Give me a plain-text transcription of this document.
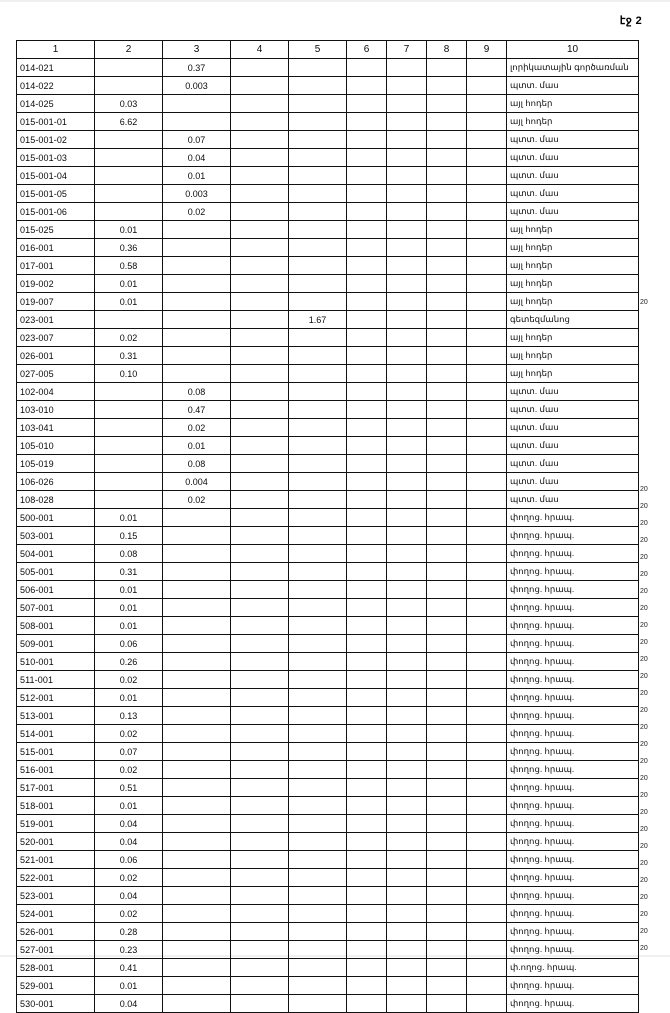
էջ 2
1	2	3	4	5	6	7	8	9	10
014-021		0.37							լորիկատային գործառման
014-022		0.003							պտտ. մաս
014-025	0.03								այլ հոդեր
015-001-01	6.62								այլ հոդեր
015-001-02		0.07							պտտ. մաս
015-001-03		0.04							պտտ. մաս
015-001-04		0.01							պտտ. մաս
015-001-05		0.003							պտտ. մաս
015-001-06		0.02							պտտ. մաս
015-025	0.01								այլ հոդեր
016-001	0.36								այլ հոդեր
017-001	0.58								այլ հոդեր
019-002	0.01								այլ հոդեր
019-007	0.01								այլ հոդեր
023-001				1.67					գետեզմանոց
023-007	0.02								այլ հոդեր
026-001	0.31								այլ հոդեր
027-005	0.10								այլ հոդեր
102-004		0.08							պտտ. մաս
103-010		0.47							պտտ. մաս
103-041		0.02							պտտ. մաս
105-010		0.01							պտտ. մաս
105-019		0.08							պտտ. մաս
106-026		0.004							պտտ. մաս
108-028		0.02							պտտ. մաս
500-001	0.01								փողոց. հրապ.
503-001	0.15								փողոց. հրապ.
504-001	0.08								փողոց. հրապ.
505-001	0.31								փողոց. հրապ.
506-001	0.01								փողոց. հրապ.
507-001	0.01								փողոց. հրապ.
508-001	0.01								փողոց. հրապ.
509-001	0.06								փողոց. հրապ.
510-001	0.26								փողոց. հրապ.
511-001	0.02								փողոց. հրապ.
512-001	0.01								փողոց. հրապ.
513-001	0.13								փողոց. հրապ.
514-001	0.02								փողոց. հրապ.
515-001	0.07								փողոց. հրապ.
516-001	0.02								փողոց. հրապ.
517-001	0.51								փողոց. հրապ.
518-001	0.01								փողոց. հրապ.
519-001	0.04								փողոց. հրապ.
520-001	0.04								փողոց. հրապ.
521-001	0.06								փողոց. հրապ.
522-001	0.02								փողոց. հրապ.
523-001	0.04								փողոց. հրապ.
524-001	0.02								փողոց. հրապ.
526-001	0.28								փողոց. հրապ.
527-001	0.23								փողոց. հրապ.
528-001	0.41								փ.ողոց. հրապ.
529-001	0.01								փողոց. հրապ.
530-001	0.04								փողոց. հրապ.
20
20
20
20
20
20
20
20
20
20
20
20
20
20
20
20
20
20
20
20
20
20
20
20
20
20
20
20
20
